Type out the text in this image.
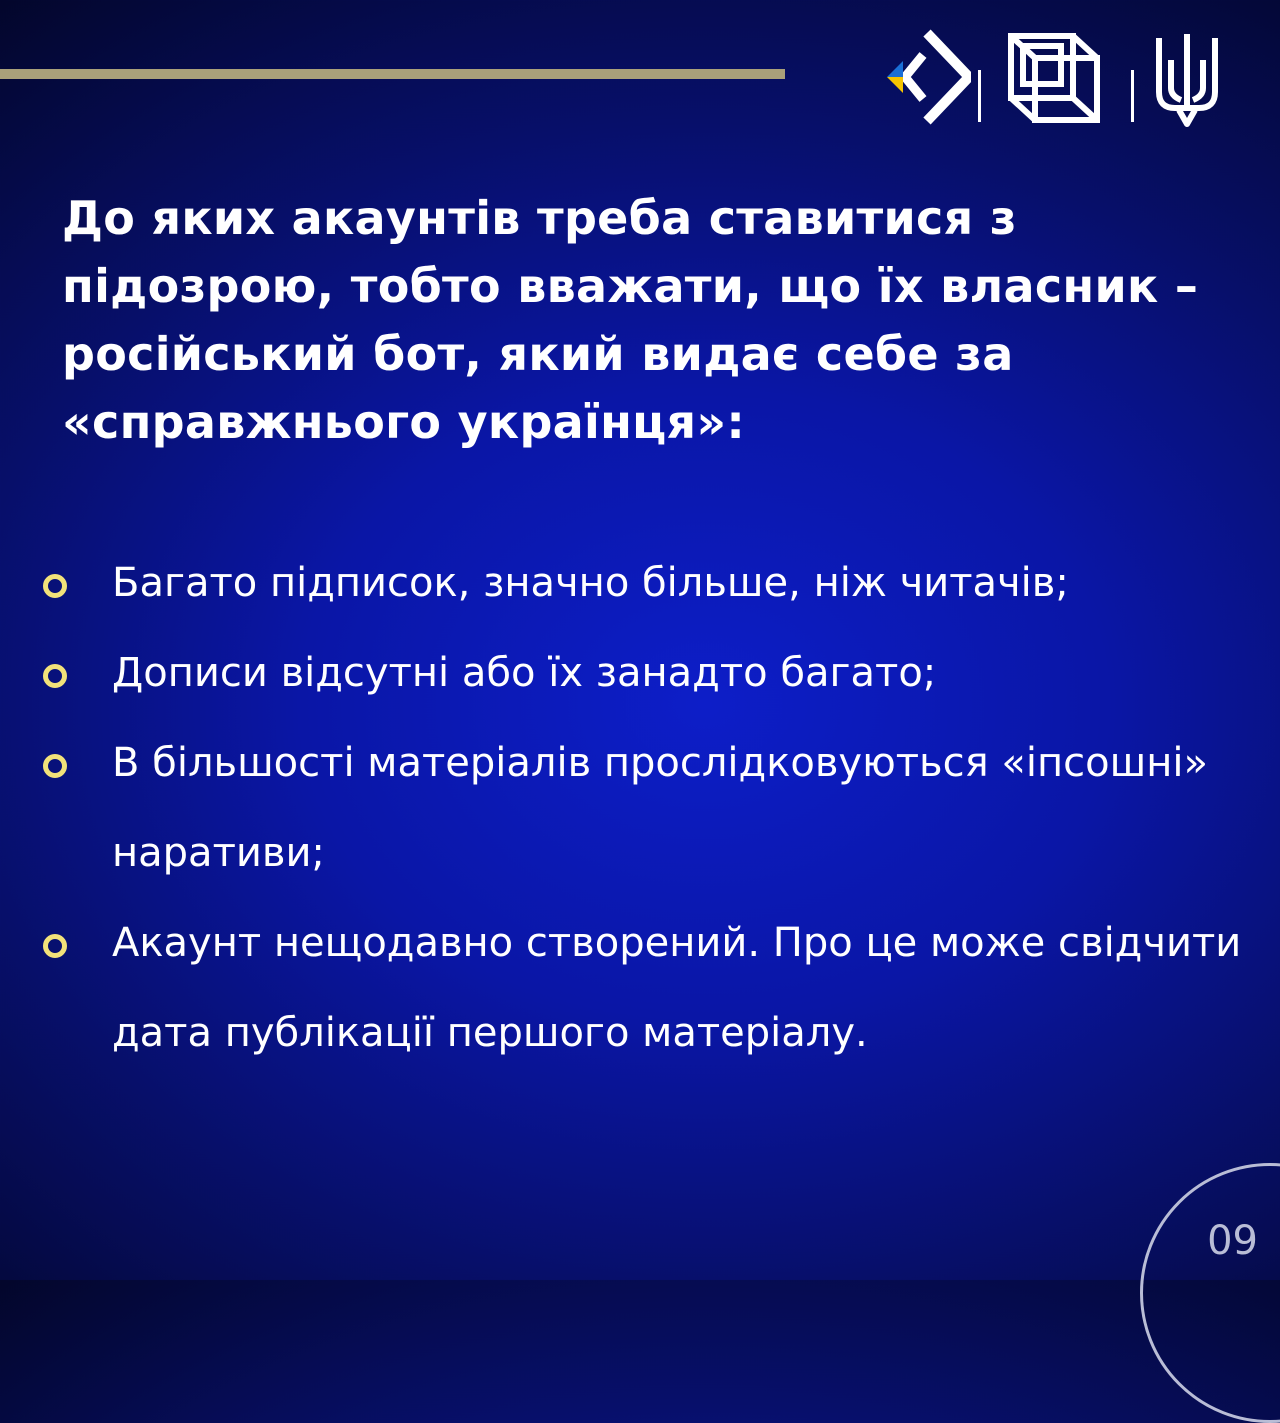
До яких акаунтів треба ставитися з підозрою, тобто вважати, що їх власник – російський бот, який видає себе за «справжнього українця»:
Багато підписок, значно більше, ніж читачів;
Дописи відсутні або їх занадто багато;
В більшості матеріалів прослідковуються «іпсошні» наративи;
Акаунт нещодавно створений. Про це може свідчити дата публікації першого матеріалу.
09
